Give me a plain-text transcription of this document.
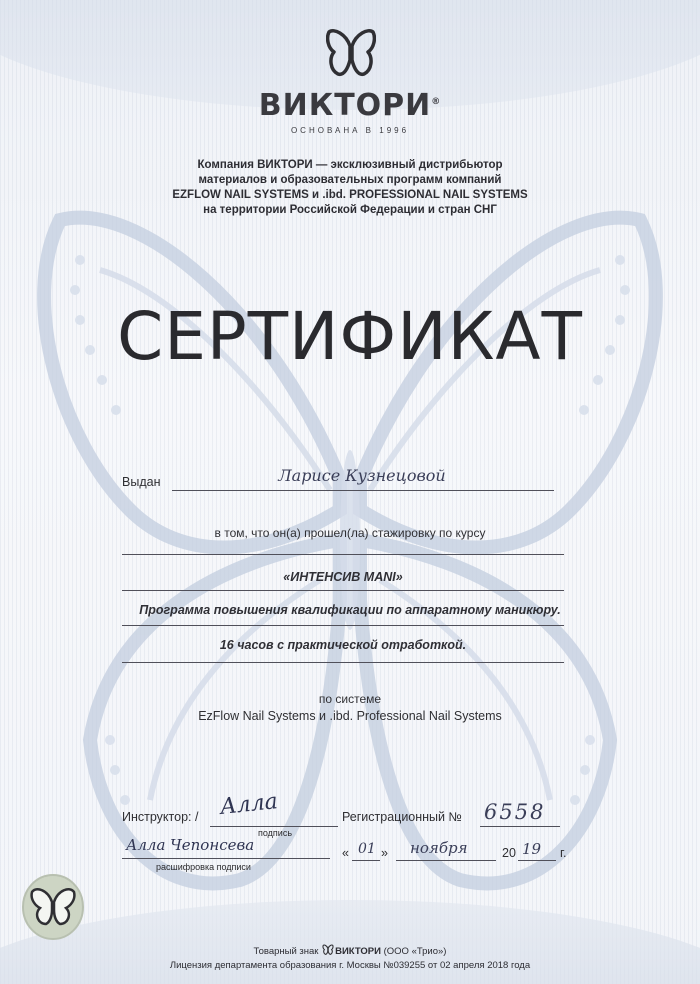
ВИКТОРИ®
ОСНОВАНА В 1996
Компания ВИКТОРИ — эксклюзивный дистрибьютор
материалов и образовательных программ компаний
EZFLOW NAIL SYSTEMS и .ibd. PROFESSIONAL NAIL SYSTEMS
на территории Российской Федерации и стран СНГ
СЕРТИФИКАТ
Выдан	Ларисе Кузнецовой
в том, что он(а) прошел(ла) стажировку по курсу
«ИНТЕНСИВ MANI»
Программа повышения квалификации по аппаратному маникюру.
16 часов с практической отработкой.
по системе
EzFlow Nail Systems и .ibd. Professional Nail Systems
Инструктор: / Алла
подпись
Регистрационный № 6558
Алла Чепонсева
расшифровка подписи
« 01 » ноября	20 19 г.
Товарный знак ВИКТОРИ (ООО «Трио»)
Лицензия департамента образования г. Москвы №039255 от 02 апреля 2018 года
